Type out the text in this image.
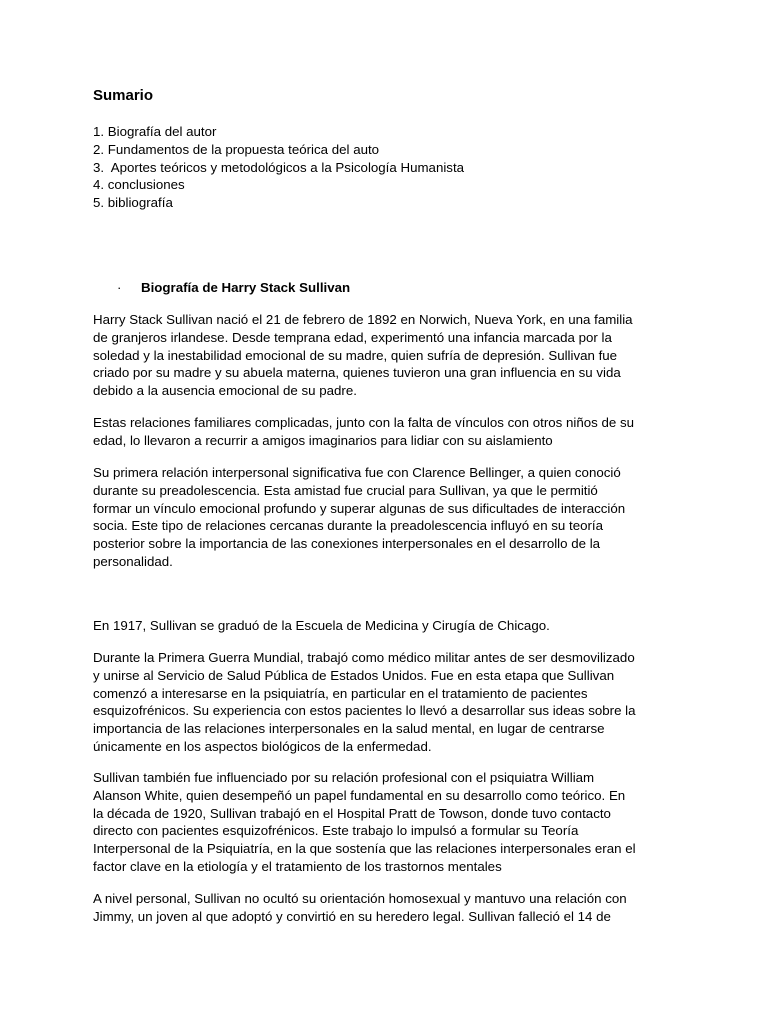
Sumario
1. Biografía del autor
2. Fundamentos de la propuesta teórica del auto
3.  Aportes teóricos y metodológicos a la Psicología Humanista
4. conclusiones
5. bibliografía
· Biografía de Harry Stack Sullivan

Harry Stack Sullivan nació el 21 de febrero de 1892 en Norwich, Nueva York, en una familia
de granjeros irlandese. Desde temprana edad, experimentó una infancia marcada por la
soledad y la inestabilidad emocional de su madre, quien sufría de depresión. Sullivan fue
criado por su madre y su abuela materna, quienes tuvieron una gran influencia en su vida
debido a la ausencia emocional de su padre.

Estas relaciones familiares complicadas, junto con la falta de vínculos con otros niños de su
edad, lo llevaron a recurrir a amigos imaginarios para lidiar con su aislamiento

Su primera relación interpersonal significativa fue con Clarence Bellinger, a quien conoció
durante su preadolescencia. Esta amistad fue crucial para Sullivan, ya que le permitió
formar un vínculo emocional profundo y superar algunas de sus dificultades de interacción
socia. Este tipo de relaciones cercanas durante la preadolescencia influyó en su teoría
posterior sobre la importancia de las conexiones interpersonales en el desarrollo de la
personalidad.

En 1917, Sullivan se graduó de la Escuela de Medicina y Cirugía de Chicago.

Durante la Primera Guerra Mundial, trabajó como médico militar antes de ser desmovilizado
y unirse al Servicio de Salud Pública de Estados Unidos. Fue en esta etapa que Sullivan
comenzó a interesarse en la psiquiatría, en particular en el tratamiento de pacientes
esquizofrénicos. Su experiencia con estos pacientes lo llevó a desarrollar sus ideas sobre la
importancia de las relaciones interpersonales en la salud mental, en lugar de centrarse
únicamente en los aspectos biológicos de la enfermedad.

Sullivan también fue influenciado por su relación profesional con el psiquiatra William
Alanson White, quien desempeñó un papel fundamental en su desarrollo como teórico. En
la década de 1920, Sullivan trabajó en el Hospital Pratt de Towson, donde tuvo contacto
directo con pacientes esquizofrénicos. Este trabajo lo impulsó a formular su Teoría
Interpersonal de la Psiquiatría, en la que sostenía que las relaciones interpersonales eran el
factor clave en la etiología y el tratamiento de los trastornos mentales

A nivel personal, Sullivan no ocultó su orientación homosexual y mantuvo una relación con
Jimmy, un joven al que adoptó y convirtió en su heredero legal. Sullivan falleció el 14 de
